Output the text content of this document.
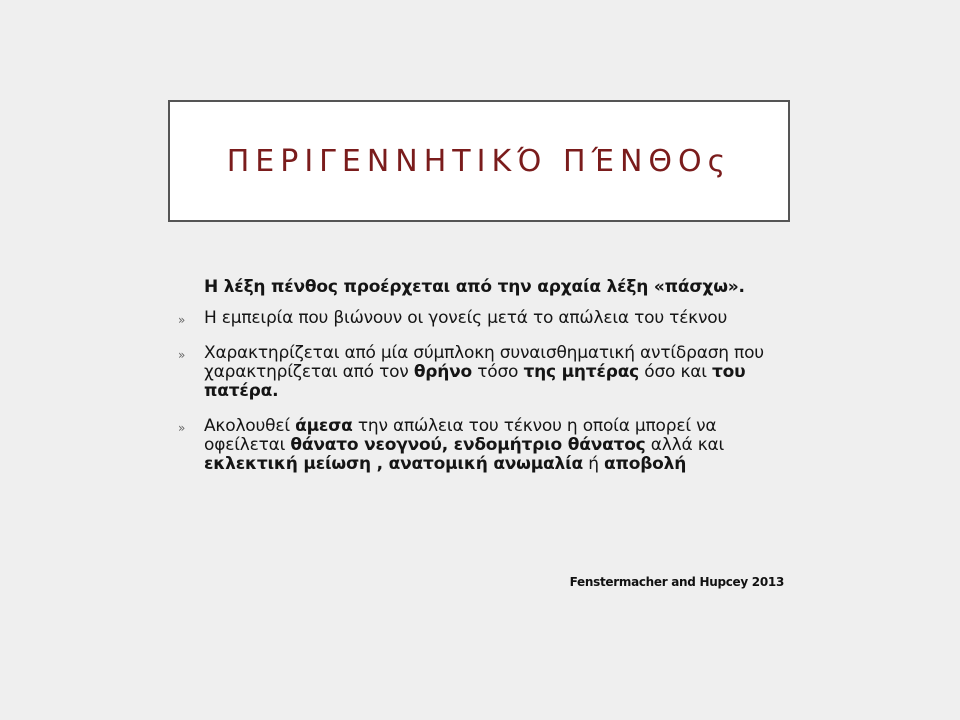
ΠΕΡΙΓΕΝΝΗΤΙΚΌ ΠΈΝΘΟς

Η λέξη πένθος προέρχεται από την αρχαία λέξη «πάσχω».

» Η εμπειρία που βιώνουν οι γονείς μετά το απώλεια του τέκνου
» Χαρακτηρίζεται από μία σύμπλοκη συναισθηματική αντίδραση που χαρακτηρίζεται από τον θρήνο τόσο της μητέρας όσο και του πατέρα.
» Ακολουθεί άμεσα την απώλεια του τέκνου η οποία μπορεί να οφείλεται θάνατο νεογνού, ενδομήτριο θάνατος αλλά και εκλεκτική μείωση , ανατομική ανωμαλία ή αποβολή
Fenstermacher and Hupcey 2013
